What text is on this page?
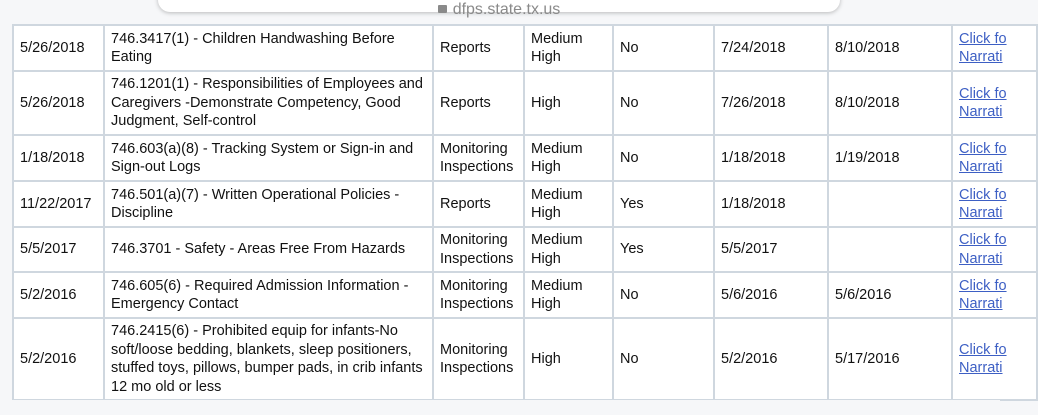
dfps.state.tx.us
5/26/2018	746.3417(1) - Children Handwashing Before Eating	Reports	Medium High	No	7/24/2018	8/10/2018	Click fo
Narrati
5/26/2018	746.1201(1) - Responsibilities of Employees and Caregivers -Demonstrate Competency, Good Judgment, Self-control	Reports	High	No	7/26/2018	8/10/2018	Click fo
Narrati
1/18/2018	746.603(a)(8) - Tracking System or Sign-in and Sign-out Logs	Monitoring Inspections	Medium High	No	1/18/2018	1/19/2018	Click fo
Narrati
11/22/2017	746.501(a)(7) - Written Operational Policies - Discipline	Reports	Medium High	Yes	1/18/2018		Click fo
Narrati
5/5/2017	746.3701 - Safety - Areas Free From Hazards	Monitoring Inspections	Medium High	Yes	5/5/2017		Click fo
Narrati
5/2/2016	746.605(6) - Required Admission Information - Emergency Contact	Monitoring Inspections	Medium High	No	5/6/2016	5/6/2016	Click fo
Narrati
5/2/2016	746.2415(6) - Prohibited equip for infants-No soft/loose bedding, blankets, sleep positioners, stuffed toys, pillows, bumper pads, in crib infants 12 mo old or less	Monitoring Inspections	High	No	5/2/2016	5/17/2016	Click fo
Narrati
